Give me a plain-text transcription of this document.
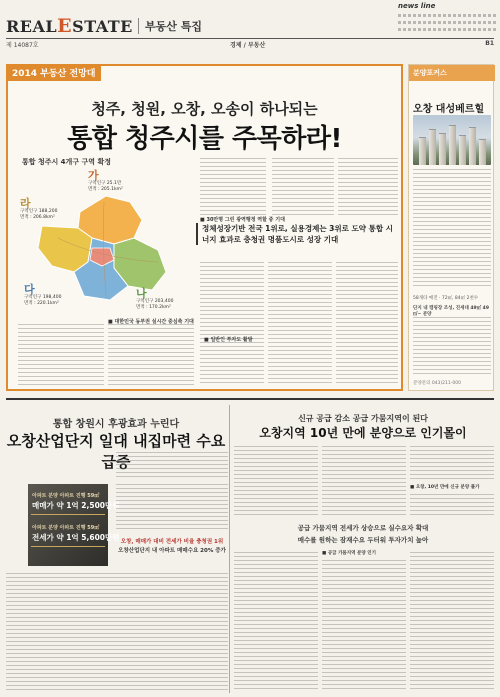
REALESTATE	부동산 특집
news line
제 14087호	경제 / 부동산	B1
2014 부동산 전망대
청주, 청원, 오창, 오송이 하나되는
통합 청주시를 주목하라!
통합 청주시 4개구 구역 확정
가
구역인구 25.1만
면적 : 205.1km²
라
구역인구 188,200
면적 : 206.8km²
다
구역인구 198,400
면적 : 220.1km²
나
구역인구 203,400
면적 : 170.2km²
■ 30만명 그린 광역행정 역할 중 기대
정체성장기반 전국 1위로, 실용경제는 3위로 도약 통합 시너지 효과로 충청권 명품도시로 성장 기대
■ 대한민국 동부권 실시간 중심축 기대
■ 일반인 투자도 활발
분양포커스
오창 대성베르힐
58개타 매진 · 72㎡, 84㎡ 2천수
단지 내 캠핑장 조성, 진세대 49㎡ 49㎡~ 분양
분양문의 043)211-000
통합 창원시 후광효과 누린다
오창산업단지 일대 내집마련 수요 급증
아파트 분양 아파트 진행 59㎡
매매가 약 1억 2,500만원
아파트 분양 아파트 진행 59㎡
전세가 약 1억 5,600만원 오창, 매매가 대비 전세가 비율 충청권 1위
오창산업단지 내 아파트 매매수요 20% 증가
신규 공급 감소 공급 가뭄지역이 된다
오창지역 10년 만에 분양으로 인기몰이
■ 오창, 10년 만에 신규 분양 풀가
공급 가뭄지역 전세가 상승으로 실수요자 확대
매수를 원하는 잠재수요 두터워 투자가치 높아
■ 공급 가뭄지역 분양 인기
